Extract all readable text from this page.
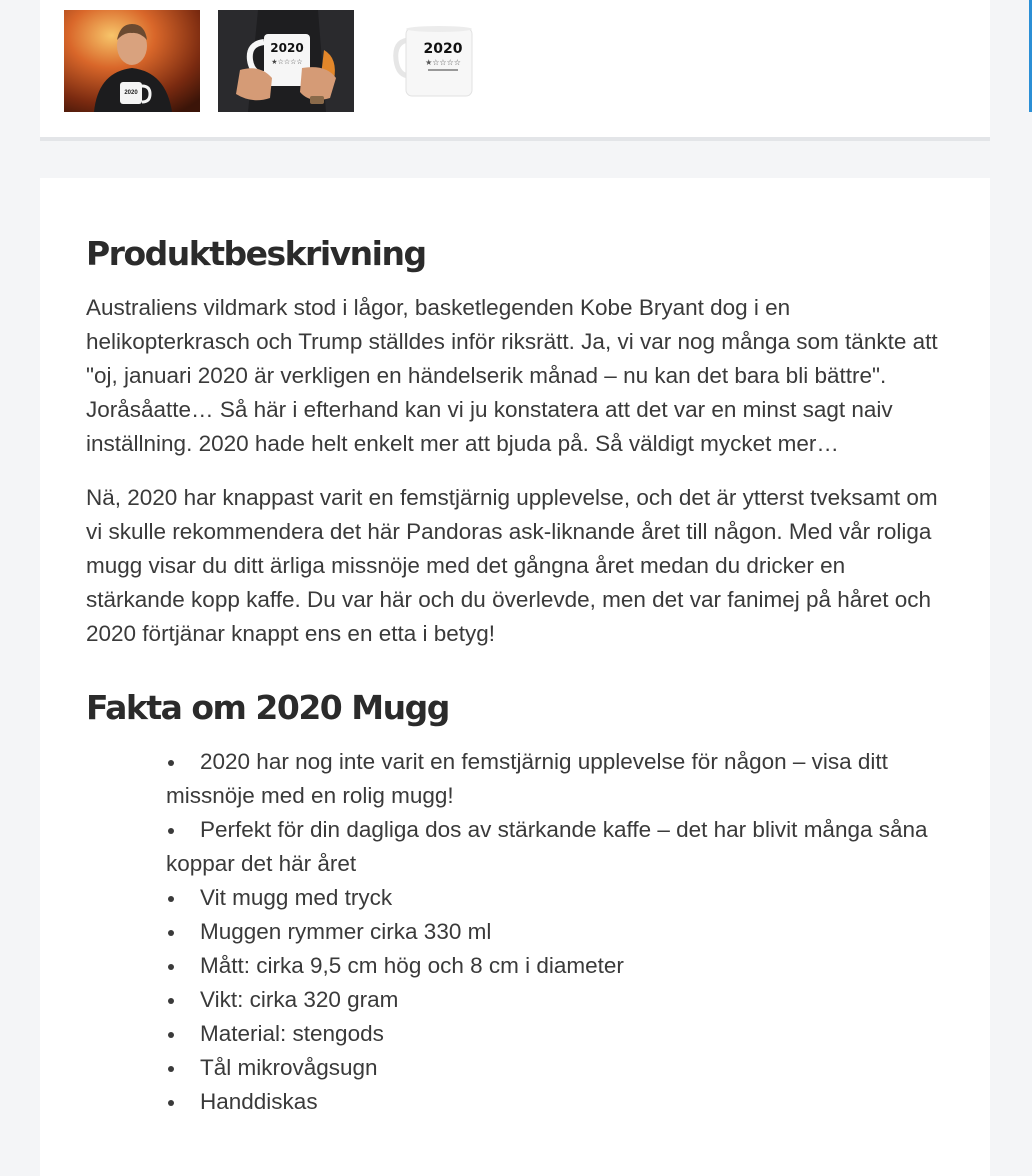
2020
2020
★☆☆☆☆
2020
★☆☆☆☆
Produktbeskrivning

Australiens vildmark stod i lågor, basketlegenden Kobe Bryant dog i en helikopterkrasch och Trump ställdes inför riksrätt. Ja, vi var nog många som tänkte att "oj, januari 2020 är verkligen en händelserik månad – nu kan det bara bli bättre". Joråsåatte… Så här i efterhand kan vi ju konstatera att det var en minst sagt naiv inställning. 2020 hade helt enkelt mer att bjuda på. Så väldigt mycket mer…

Nä, 2020 har knappast varit en femstjärnig upplevelse, och det är ytterst tveksamt om vi skulle rekommendera det här Pandoras ask-liknande året till någon. Med vår roliga mugg visar du ditt ärliga missnöje med det gångna året medan du dricker en stärkande kopp kaffe. Du var här och du överlevde, men det var fanimej på håret och 2020 förtjänar knappt ens en etta i betyg!

Fakta om 2020 Mugg
2020 har nog inte varit en femstjärnig upplevelse för någon – visa ditt missnöje med en rolig mugg!
Perfekt för din dagliga dos av stärkande kaffe – det har blivit många såna koppar det här året
Vit mugg med tryck
Muggen rymmer cirka 330 ml
Mått: cirka 9,5 cm hög och 8 cm i diameter
Vikt: cirka 320 gram
Material: stengods
Tål mikrovågsugn
Handdiskas
